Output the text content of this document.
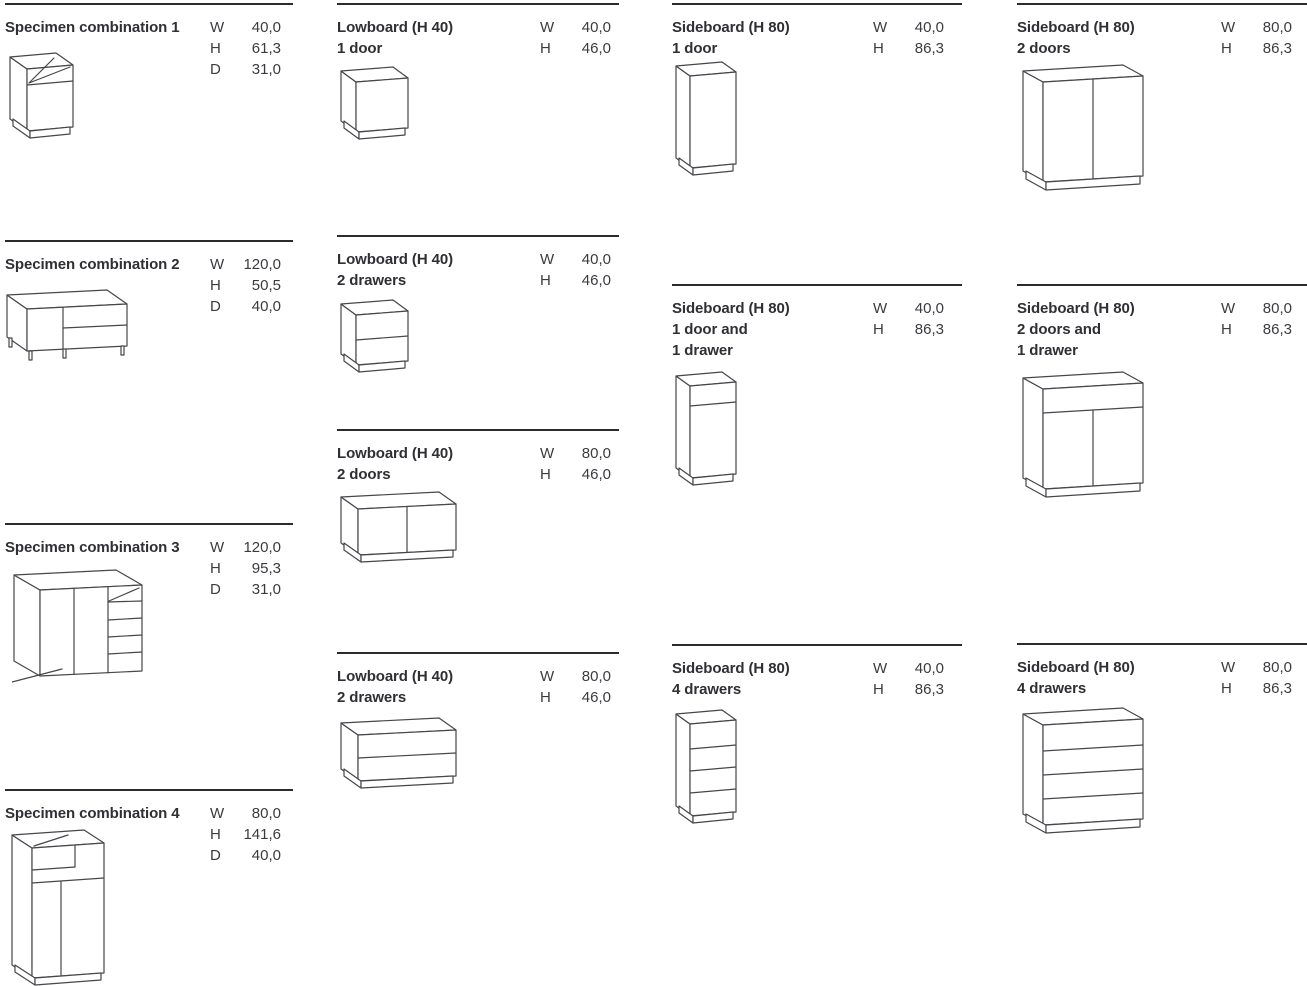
Specimen combination 1	W 40,0
H 61,3
D 31,0
Specimen combination 2	W 120,0
H 50,5
D 40,0
Specimen combination 3	W 120,0
H 95,3
D 31,0
Specimen combination 4	W 80,0
H 141,6
D 40,0
Lowboard (H 40)
1 door
W 40,0
H 46,0
Lowboard (H 40)
2 drawers
W 40,0
H 46,0
Lowboard (H 40)
2 doors
W 80,0
H 46,0
Lowboard (H 40)
2 drawers
W 80,0
H 46,0
Sideboard (H 80)
1 door
W 40,0
H 86,3
Sideboard (H 80)
1 door and
1 drawer
W 40,0
H 86,3
Sideboard (H 80)
4 drawers
W 40,0
H 86,3
Sideboard (H 80)
2 doors
W 80,0
H 86,3
Sideboard (H 80)
2 doors and
1 drawer
W 80,0
H 86,3
Sideboard (H 80)
4 drawers
W 80,0
H 86,3
